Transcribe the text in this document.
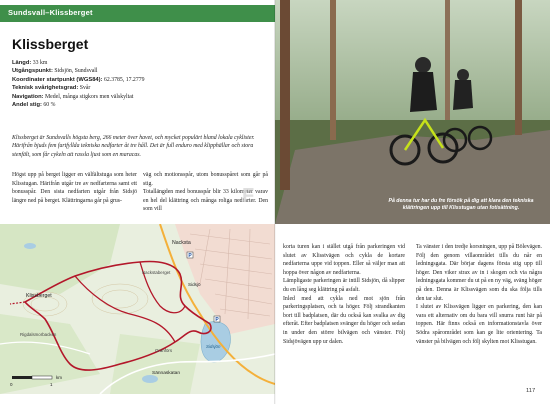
Sundsvall–Klissberget
Klissberget
Längd: 33 km
Utgångspunkt: Sidsjön, Sundsvall
Koordinater startpunkt (WGS84): 62.3785, 17.2779
Teknisk svårighetsgrad: Svår
Navigation: Medel, många stigkors men välskyltat
Andel stig: 60 %
Klissberget är Sundsvalls högsta berg, 266 meter över havet, och mycket populärt bland lokala cyklister. Härifrån bjuds fem fartfyllda tekniska nedfarter åt tre håll. Det är full enduro med klipphällar och stora stenfält, som får cykeln att rassla ljust som en maracas.
Högst upp på berget ligger en välfältstuga som heter Klisstugan. Härifrån utgår tre av nedfarterna samt ett bonusspår. Den sista nedfarten utgår från Sidsjö längre ned på berget. Klättringarna går på grus-
väg och motionsspår, utom bonusspåret som går på stig.
Totallängden med bonusspår blir 33 kilometer varav en hel del klättring och många roliga nedfarter. Den som vill
F
P
P
Klissberget
Nacksta
Sidsjö
Sidsjön
Nackstaberget
Granförs
Rigdalsmorbacken
Sännaskatan
0	1
km
På denna tur har du fre försök på dig att klara den tekniska klättringen upp till Klisstugan utan fotisättning.
korta turen kan i stället utgå från parkeringen vid slutet av Klisstvägen och cykla de kortare nedfarterna uppe vid toppen. Eller så väljer man att hoppa över någon av nedfarterna.
Lämpligaste parkeringen är intill Sidsjön, då slipper du en lång seg klättring på asfalt.
Inled med att cykla ned mot sjön från parkeringsplatsen, och ta höger. Följ strandkanten bort till badplatsen, där du också kan svalka av dig efteråt. Efter badplatsen svänger du höger och sedan in under den större bilvägen och vänster. Följ Sidsjövägen upp ur dalen.
Ta vänster i den tredje korsningen, upp på Bölevägen. Följ den genom villaområdet tills du når en ledningsgata. Där börjar dagens första stig upp till höger. Den viker strax av in i skogen och via några ledningsgata kommer du ut på en ny väg, sväng höger på den. Denna är Klissvägen som du ska följa tills den tar slut.
I slutet av Klissvägen ligger en parkering, den kan vara ett alternativ om du bara vill snurra runt här på toppen. Här finns också en informationstavla över Södra spårområdet som kan ge lite orientering. Ta vänster på bilvägen och följ skylten mot Klisstugan.
117
